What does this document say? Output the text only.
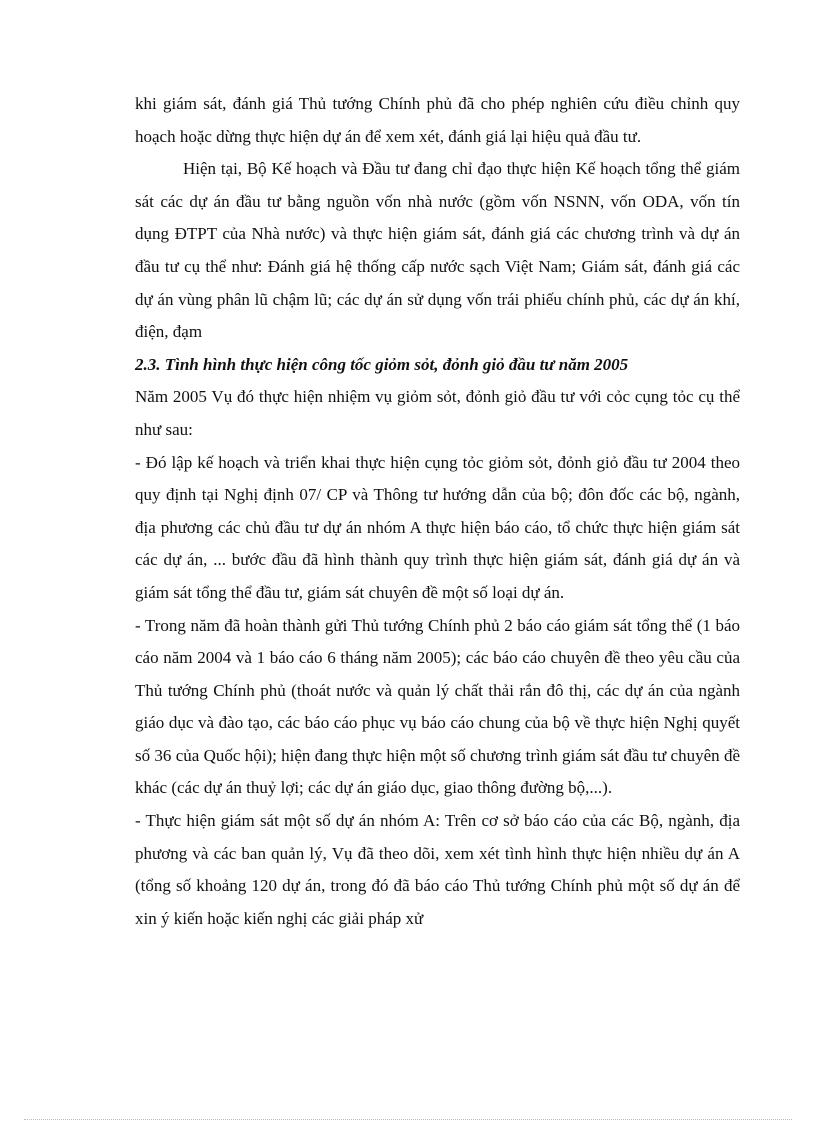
khi giám sát, đánh giá Thủ tướng Chính phủ đã cho phép nghiên cứu điều chỉnh quy hoạch hoặc dừng thực hiện dự án để xem xét, đánh giá lại hiệu quả đầu tư.

Hiện tại, Bộ Kế hoạch và Đầu tư đang chỉ đạo thực hiện Kế hoạch tổng thể giám sát các dự án đầu tư bằng nguồn vốn nhà nước (gồm vốn NSNN, vốn ODA, vốn tín dụng ĐTPT của Nhà nước) và thực hiện giám sát, đánh giá các chương trình và dự án đầu tư cụ thể như: Đánh giá hệ thống cấp nước sạch Việt Nam; Giám sát, đánh giá các dự án vùng phân lũ chậm lũ; các dự án sử dụng vốn trái phiếu chính phủ, các dự án khí, điện, đạm

2.3. Tình hình thực hiện công tốc giỏm sỏt, đỏnh giỏ đầu tư năm 2005

Năm 2005 Vụ đó thực hiện nhiệm vụ giỏm sỏt, đỏnh giỏ đầu tư với cỏc cụng tỏc cụ thể như sau:

- Đó lập kế hoạch và triển khai thực hiện cụng tỏc giỏm sỏt, đỏnh giỏ đầu tư 2004 theo quy định tại Nghị định 07/ CP và Thông tư hướng dẫn của bộ; đôn đốc các bộ, ngành, địa phương các chủ đầu tư dự án nhóm A thực hiện báo cáo, tổ chức thực hiện giám sát các dự án, ... bước đầu đã hình thành quy trình thực hiện giám sát, đánh giá dự án và giám sát tổng thể đầu tư, giám sát chuyên đề một số loại dự án.

- Trong năm đã hoàn thành gửi Thủ tướng Chính phủ 2 báo cáo giám sát tổng thể (1 báo cáo năm 2004 và 1 báo cáo 6 tháng năm 2005); các báo cáo chuyên đề theo yêu cầu của Thủ tướng Chính phủ (thoát nước và quản lý chất thải rắn đô thị, các dự án của ngành giáo dục và đào tạo, các báo cáo phục vụ báo cáo chung của bộ về thực hiện Nghị quyết số 36 của Quốc hội); hiện đang thực hiện một số chương trình giám sát đầu tư chuyên đề khác (các dự án thuỷ lợi; các dự án giáo dục, giao thông đường bộ,...).

- Thực hiện giám sát một số dự án nhóm A: Trên cơ sở báo cáo của các Bộ, ngành, địa phương và các ban quản lý, Vụ đã theo dõi, xem xét tình hình thực hiện nhiều dự án A (tổng số khoảng 120 dự án, trong đó đã báo cáo Thủ tướng Chính phủ một số dự án để xin ý kiến hoặc kiến nghị các giải pháp xử
